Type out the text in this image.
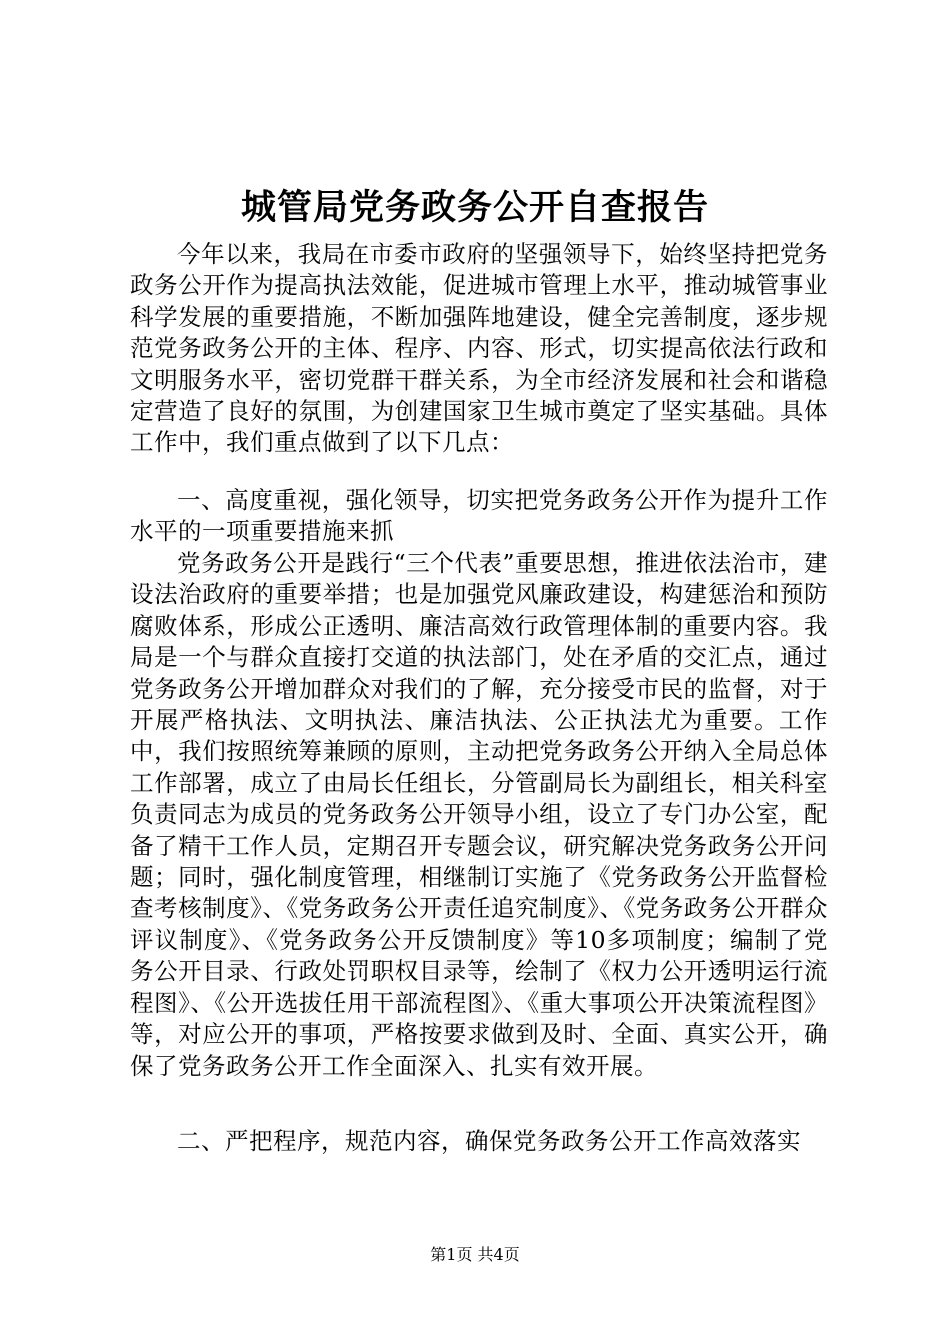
城管局党务政务公开自查报告

今年以来，我局在市委市政府的坚强领导下，始终坚持把党务政务公开作为提高执法效能，促进城市管理上水平，推动城管事业科学发展的重要措施，不断加强阵地建设，健全完善制度，逐步规范党务政务公开的主体、程序、内容、形式，切实提高依法行政和文明服务水平，密切党群干群关系，为全市经济发展和社会和谐稳定营造了良好的氛围，为创建国家卫生城市奠定了坚实基础。具体工作中，我们重点做到了以下几点：

一、高度重视，强化领导，切实把党务政务公开作为提升工作水平的一项重要措施来抓

党务政务公开是践行“三个代表”重要思想，推进依法治市，建设法治政府的重要举措；也是加强党风廉政建设，构建惩治和预防腐败体系，形成公正透明、廉洁高效行政管理体制的重要内容。我局是一个与群众直接打交道的执法部门，处在矛盾的交汇点，通过党务政务公开增加群众对我们的了解，充分接受市民的监督，对于开展严格执法、文明执法、廉洁执法、公正执法尤为重要。工作中，我们按照统筹兼顾的原则，主动把党务政务公开纳入全局总体工作部署，成立了由局长任组长，分管副局长为副组长，相关科室负责同志为成员的党务政务公开领导小组，设立了专门办公室，配备了精干工作人员，定期召开专题会议，研究解决党务政务公开问题；同时，强化制度管理，相继制订实施了《党务政务公开监督检查考核制度》、《党务政务公开责任追究制度》、《党务政务公开群众评议制度》、《党务政务公开反馈制度》等10多项制度；编制了党务公开目录、行政处罚职权目录等，绘制了《权力公开透明运行流程图》、《公开选拔任用干部流程图》、《重大事项公开决策流程图》等，对应公开的事项，严格按要求做到及时、全面、真实公开，确保了党务政务公开工作全面深入、扎实有效开展。

二、严把程序，规范内容，确保党务政务公开工作高效落实

第1页 共4页
